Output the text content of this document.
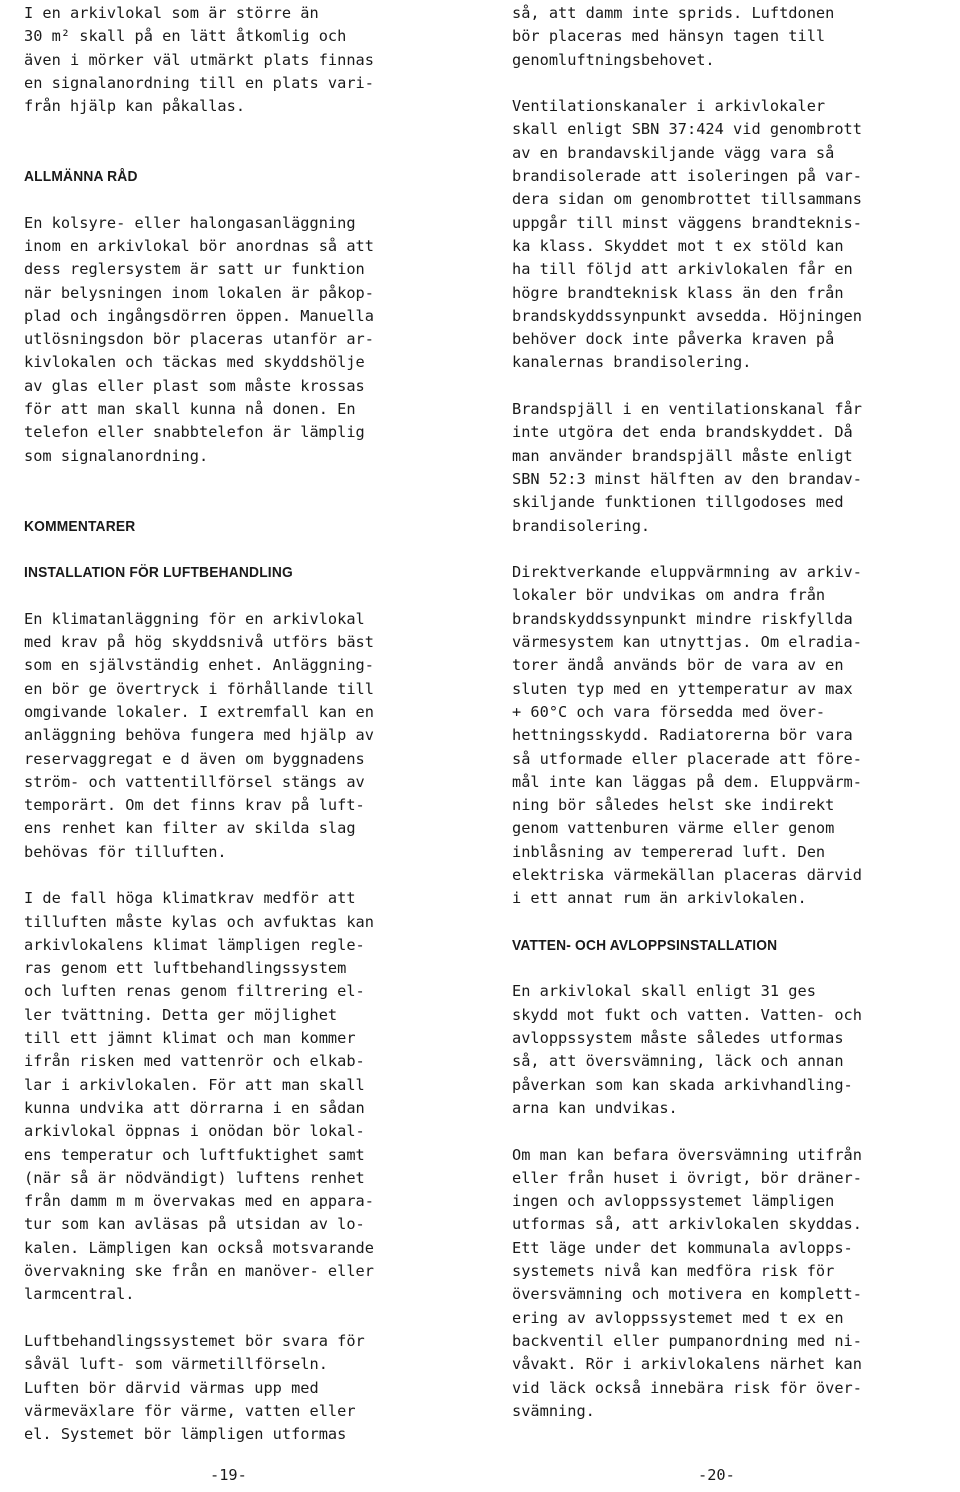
I en arkivlokal som är större än
30 m² skall på en lätt åtkomlig och
även i mörker väl utmärkt plats finnas
en signalanordning till en plats vari-
från hjälp kan påkallas.

ALLMÄNNA RÅD

En kolsyre- eller halongasanläggning
inom en arkivlokal bör anordnas så att
dess reglersystem är satt ur funktion
när belysningen inom lokalen är påkop-
plad och ingångsdörren öppen. Manuella
utlösningsdon bör placeras utanför ar-
kivlokalen och täckas med skyddshölje
av glas eller plast som måste krossas
för att man skall kunna nå donen. En
telefon eller snabbtelefon är lämplig
som signalanordning.

KOMMENTARER

INSTALLATION FÖR LUFTBEHANDLING

En klimatanläggning för en arkivlokal
med krav på hög skyddsnivå utförs bäst
som en självständig enhet. Anläggning-
en bör ge övertryck i förhållande till
omgivande lokaler. I extremfall kan en
anläggning behöva fungera med hjälp av
reservaggregat e d även om byggnadens
ström- och vattentillförsel stängs av
temporärt. Om det finns krav på luft-
ens renhet kan filter av skilda slag
behövas för tilluften.

I de fall höga klimatkrav medför att
tilluften måste kylas och avfuktas kan
arkivlokalens klimat lämpligen regle-
ras genom ett luftbehandlingssystem
och luften renas genom filtrering el-
ler tvättning. Detta ger möjlighet
till ett jämnt klimat och man kommer
ifrån risken med vattenrör och elkab-
lar i arkivlokalen. För att man skall
kunna undvika att dörrarna i en sådan
arkivlokal öppnas i onödan bör lokal-
ens temperatur och luftfuktighet samt
(när så är nödvändigt) luftens renhet
från damm m m övervakas med en appara-
tur som kan avläsas på utsidan av lo-
kalen. Lämpligen kan också motsvarande
övervakning ske från en manöver- eller
larmcentral.

Luftbehandlingssystemet bör svara för
såväl luft- som värmetillförseln.
Luften bör därvid värmas upp med
värmeväxlare för värme, vatten eller
el. Systemet bör lämpligen utformas

så, att damm inte sprids. Luftdonen
bör placeras med hänsyn tagen till
genomluftningsbehovet.

Ventilationskanaler i arkivlokaler
skall enligt SBN 37:424 vid genombrott
av en brandavskiljande vägg vara så
brandisolerade att isoleringen på var-
dera sidan om genombrottet tillsammans
uppgår till minst väggens brandteknis-
ka klass. Skyddet mot t ex stöld kan
ha till följd att arkivlokalen får en
högre brandteknisk klass än den från
brandskyddssynpunkt avsedda. Höjningen
behöver dock inte påverka kraven på
kanalernas brandisolering.

Brandspjäll i en ventilationskanal får
inte utgöra det enda brandskyddet. Då
man använder brandspjäll måste enligt
SBN 52:3 minst hälften av den brandav-
skiljande funktionen tillgodoses med
brandisolering.

Direktverkande eluppvärmning av arkiv-
lokaler bör undvikas om andra från
brandskyddssynpunkt mindre riskfyllda
värmesystem kan utnyttjas. Om elradia-
torer ändå används bör de vara av en
sluten typ med en yttemperatur av max
+ 60°C och vara försedda med över-
hettningsskydd. Radiatorerna bör vara
så utformade eller placerade att före-
mål inte kan läggas på dem. Eluppvärm-
ning bör således helst ske indirekt
genom vattenburen värme eller genom
inblåsning av tempererad luft. Den
elektriska värmekällan placeras därvid
i ett annat rum än arkivlokalen.

VATTEN- OCH AVLOPPSINSTALLATION

En arkivlokal skall enligt 31 ges
skydd mot fukt och vatten. Vatten- och
avloppssystem måste således utformas
så, att översvämning, läck och annan
påverkan som kan skada arkivhandling-
arna kan undvikas.

Om man kan befara översvämning utifrån
eller från huset i övrigt, bör dräner-
ingen och avloppssystemet lämpligen
utformas så, att arkivlokalen skyddas.
Ett läge under det kommunala avlopps-
systemets nivå kan medföra risk för
översvämning och motivera en komplett-
ering av avloppssystemet med t ex en
backventil eller pumpanordning med ni-
våvakt. Rör i arkivlokalens närhet kan
vid läck också innebära risk för över-
svämning.

-19-	-20-
